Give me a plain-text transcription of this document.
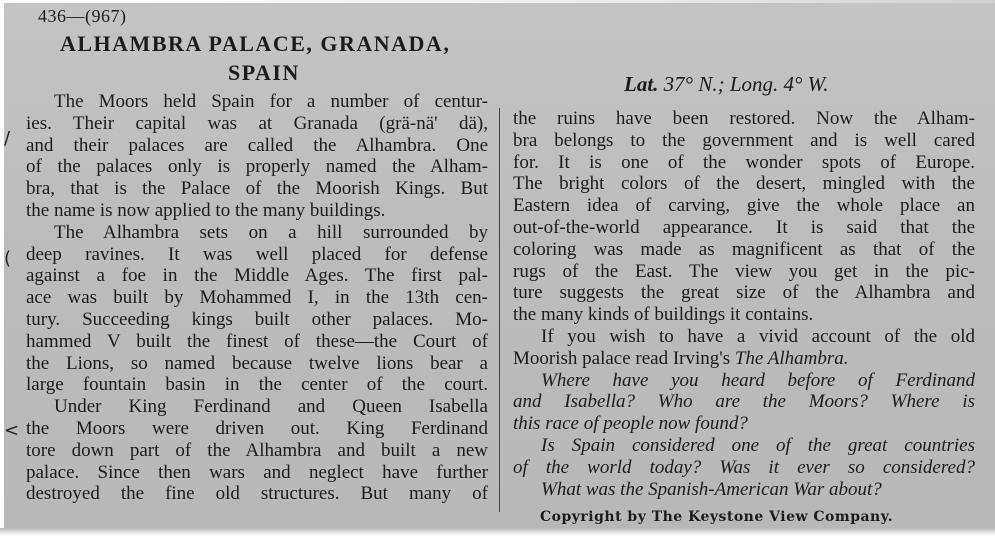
/
(
<
436—(967)
ALHAMBRA PALACE, GRANADA,
SPAIN	Lat. 37° N.; Long. 4° W.
The Moors held Spain for a number of centur-
ies. Their capital was at Granada (grä-nä' dä),
and their palaces are called the Alhambra. One
of the palaces only is properly named the Alham-
bra, that is the Palace of the Moorish Kings. But
the name is now applied to the many buildings.
The Alhambra sets on a hill surrounded by
deep ravines. It was well placed for defense
against a foe in the Middle Ages. The first pal-
ace was built by Mohammed I, in the 13th cen-
tury. Succeeding kings built other palaces. Mo-
hammed V built the finest of these—the Court of
the Lions, so named because twelve lions bear a
large fountain basin in the center of the court.
Under King Ferdinand and Queen Isabella
the Moors were driven out. King Ferdinand
tore down part of the Alhambra and built a new
palace. Since then wars and neglect have further
destroyed the fine old structures. But many of
the ruins have been restored. Now the Alham-
bra belongs to the government and is well cared
for. It is one of the wonder spots of Europe.
The bright colors of the desert, mingled with the
Eastern idea of carving, give the whole place an
out-of-the-world appearance. It is said that the
coloring was made as magnificent as that of the
rugs of the East. The view you get in the pic-
ture suggests the great size of the Alhambra and
the many kinds of buildings it contains.
If you wish to have a vivid account of the old
Moorish palace read Irving's The Alhambra.
Where have you heard before of Ferdinand
and Isabella? Who are the Moors? Where is
this race of people now found?
Is Spain considered one of the great countries
of the world today? Was it ever so considered?
What was the Spanish-American War about?
Copyright by The Keystone View Company.
